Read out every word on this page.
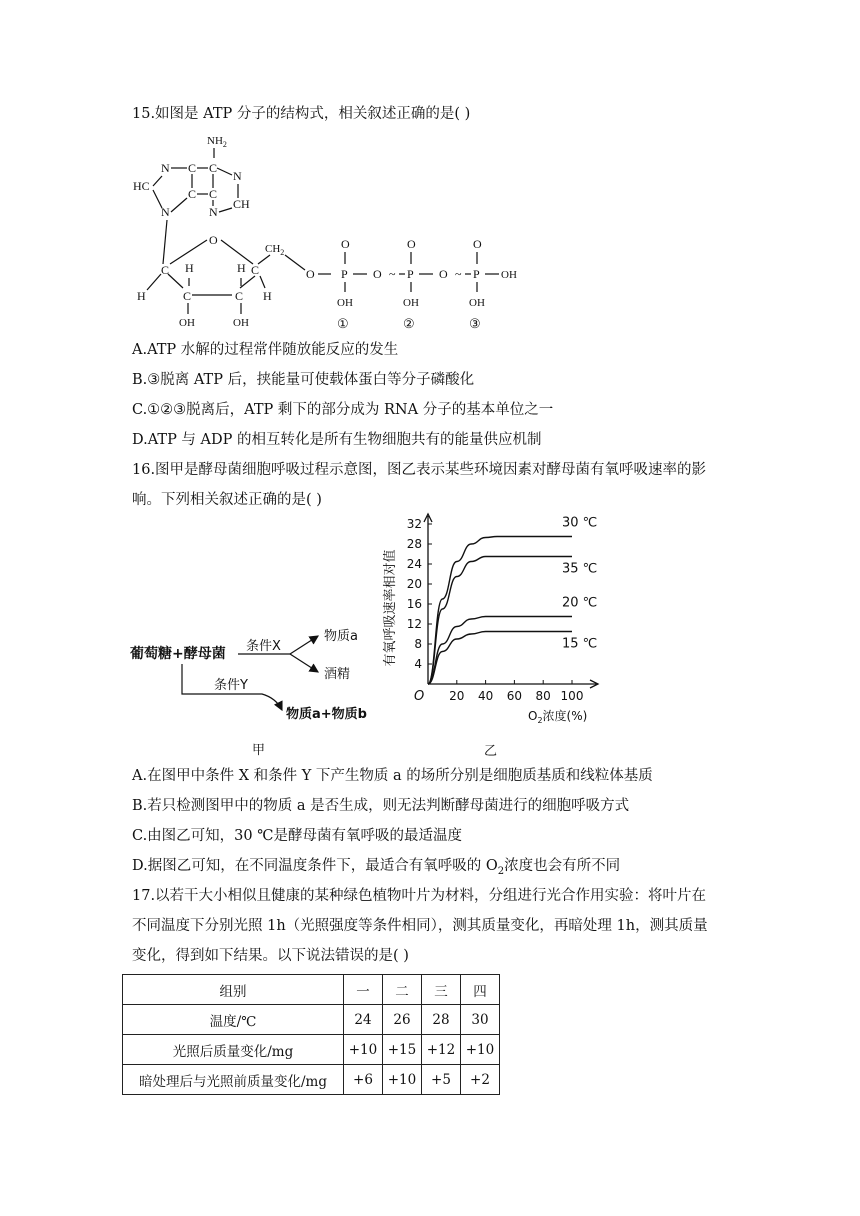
15.如图是 ATP 分子的结构式，相关叙述正确的是( )
$NH_2$
N C C
N
HC
C C
N	N
CH
O
C	C
H	H
H	H
C	C
OH	OH
$CH_2$
O
O
P
OH
①
O ~
O
P
OH
②
O ~
O
P
OH
③
OH
A.ATP 水解的过程常伴随放能反应的发生
B.③脱离 ATP 后，挟能量可使载体蛋白等分子磷酸化
C.①②③脱离后，ATP 剩下的部分成为 RNA 分子的基本单位之一
D.ATP 与 ADP 的相互转化是所有生物细胞共有的能量供应机制
16.图甲是酵母菌细胞呼吸过程示意图，图乙表示某些环境因素对酵母菌有氧呼吸速率的影
响。下列相关叙述正确的是( )
葡萄糖+酵母菌 条件X
物质a
酒精
条件Y
物质a+物质b
甲
O
4
8
12
16
20
24
28
32
20 40 60 80 100
30 ℃
35 ℃
20 ℃
15 ℃
有氧呼吸速率相对值
$O_2$浓度(%)
乙
A.在图甲中条件 X 和条件 Y 下产生物质 a 的场所分别是细胞质基质和线粒体基质
B.若只检测图甲中的物质 a 是否生成，则无法判断酵母菌进行的细胞呼吸方式
C.由图乙可知，30 ℃是酵母菌有氧呼吸的最适温度
D.据图乙可知，在不同温度条件下，最适合有氧呼吸的 $O_2$浓度也会有所不同
17.以若干大小相似且健康的某种绿色植物叶片为材料，分组进行光合作用实验：将叶片在
不同温度下分别光照 1h（光照强度等条件相同），测其质量变化，再暗处理 1h，测其质量
变化，得到如下结果。以下说法错误的是( )
组别	一	二	三	四
温度/℃	24	26	28	30
光照后质量变化/mg	+10	+15	+12	+10
暗处理后与光照前质量变化/mg	+6	+10	+5	+2
